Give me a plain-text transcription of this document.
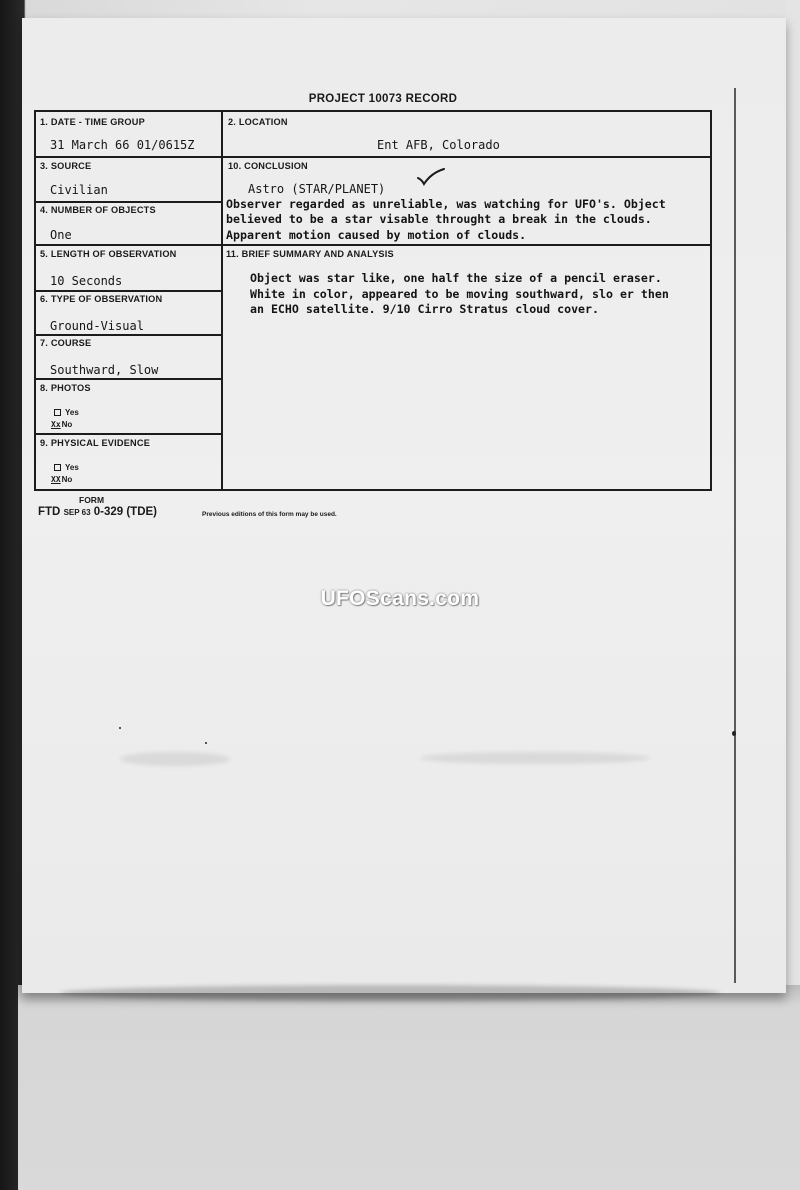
PROJECT 10073 RECORD
1. DATE - TIME GROUP
31 March 66 01/0615Z
2. LOCATION
Ent AFB, Colorado
3. SOURCE
Civilian
4. NUMBER OF OBJECTS
One
5. LENGTH OF OBSERVATION
10 Seconds
6. TYPE OF OBSERVATION
Ground-Visual
7. COURSE
Southward, Slow
8. PHOTOS
Yes
XxNo
9. PHYSICAL EVIDENCE
Yes
XXNo
10. CONCLUSION
Astro (STAR/PLANET)
Observer regarded as unreliable, was watching for UFO's. Object
believed to be a star visable throught a break in the clouds.
Apparent motion caused by motion of clouds.
11. BRIEF SUMMARY AND ANALYSIS
Object was star like, one half the size of a pencil eraser.
White in color, appeared to be moving southward, slo er then
an ECHO satellite. 9/10 Cirro Stratus cloud cover.
FORM
FTD SEP 63 0-329 (TDE)	Previous editions of this form may be used.
UFOScans.com
